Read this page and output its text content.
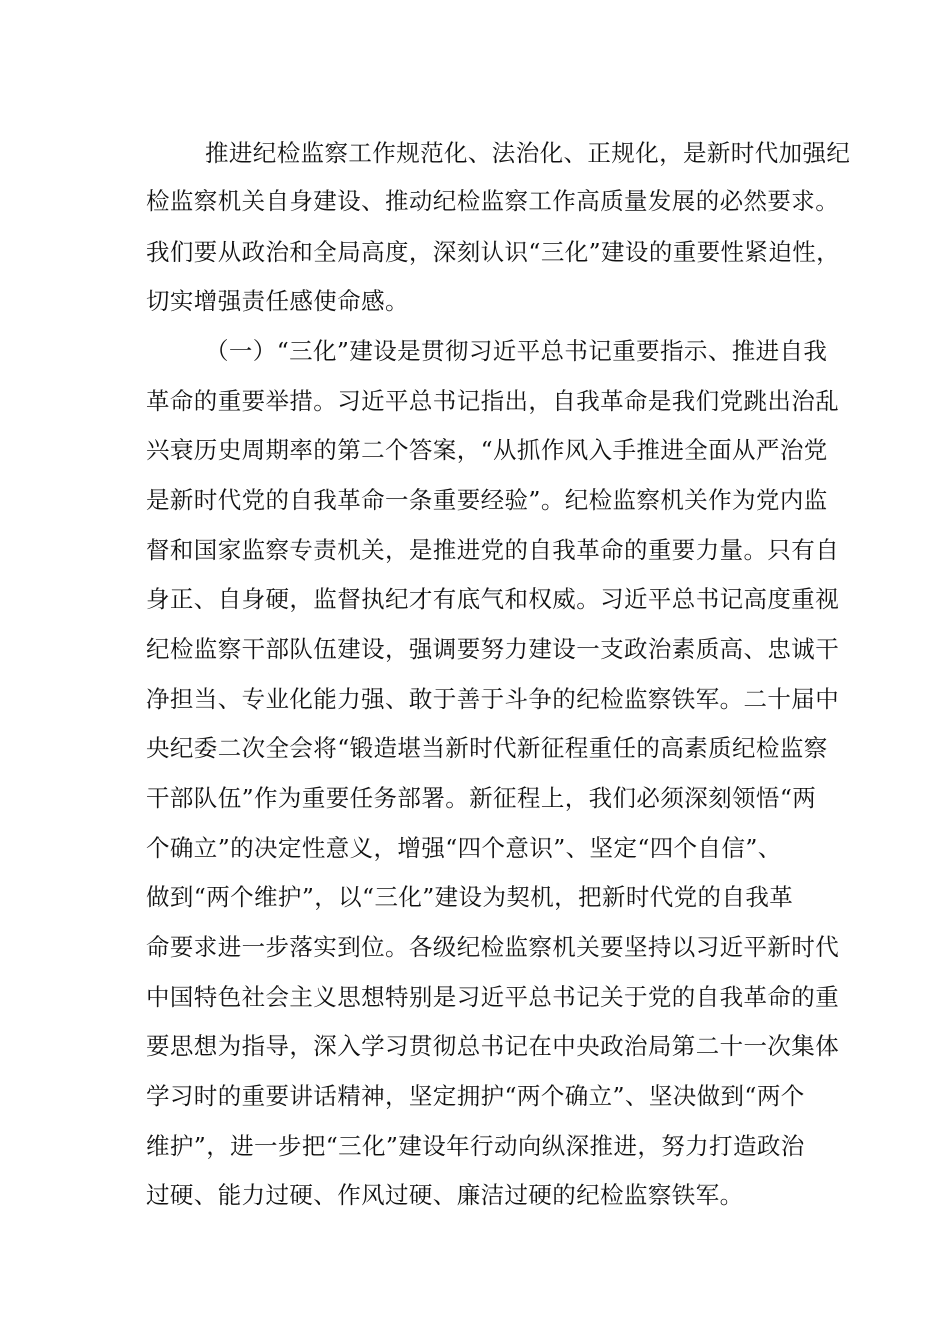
推进纪检监察工作规范化、法治化、正规化，是新时代加强纪
检监察机关自身建设、推动纪检监察工作高质量发展的必然要求。
我们要从政治和全局高度，深刻认识“三化”建设的重要性紧迫性，
切实增强责任感使命感。
（一）“三化”建设是贯彻习近平总书记重要指示、推进自我
革命的重要举措。习近平总书记指出，自我革命是我们党跳出治乱
兴衰历史周期率的第二个答案，“从抓作风入手推进全面从严治党
是新时代党的自我革命一条重要经验”。纪检监察机关作为党内监
督和国家监察专责机关，是推进党的自我革命的重要力量。只有自
身正、自身硬，监督执纪才有底气和权威。习近平总书记高度重视
纪检监察干部队伍建设，强调要努力建设一支政治素质高、忠诚干
净担当、专业化能力强、敢于善于斗争的纪检监察铁军。二十届中
央纪委二次全会将“锻造堪当新时代新征程重任的高素质纪检监察
干部队伍”作为重要任务部署。新征程上，我们必须深刻领悟“两
个确立”的决定性意义，增强“四个意识”、坚定“四个自信”、
做到“两个维护”，以“三化”建设为契机，把新时代党的自我革
命要求进一步落实到位。各级纪检监察机关要坚持以习近平新时代
中国特色社会主义思想特别是习近平总书记关于党的自我革命的重
要思想为指导，深入学习贯彻总书记在中央政治局第二十一次集体
学习时的重要讲话精神，坚定拥护“两个确立”、坚决做到“两个
维护”，进一步把“三化”建设年行动向纵深推进，努力打造政治
过硬、能力过硬、作风过硬、廉洁过硬的纪检监察铁军。
